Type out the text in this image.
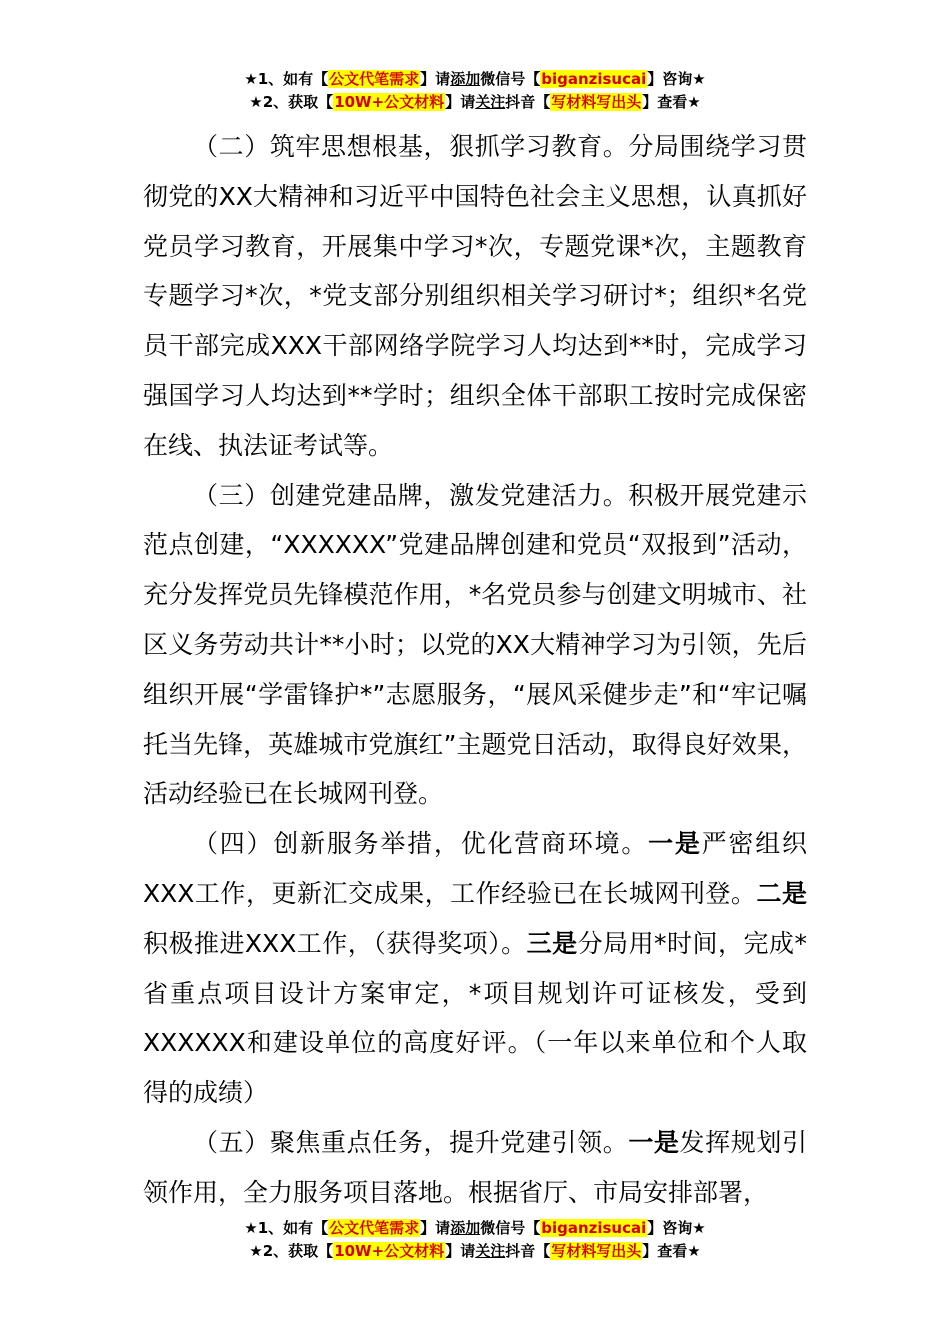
★1、如有【公文代笔需求】请添加微信号【biganzisucai】咨询★
★2、获取【10W+公文材料】请关注抖音【写材料写出头】查看★

（二）筑牢思想根基，狠抓学习教育。分局围绕学习贯彻党的XX大精神和习近平中国特色社会主义思想，认真抓好党员学习教育，开展集中学习*次，专题党课*次，主题教育专题学习*次，*党支部分别组织相关学习研讨*；组织*名党员干部完成XXX干部网络学院学习人均达到**时，完成学习强国学习人均达到**学时；组织全体干部职工按时完成保密在线、执法证考试等。

（三）创建党建品牌，激发党建活力。积极开展党建示范点创建，“XXXXXX”党建品牌创建和党员“双报到”活动，充分发挥党员先锋模范作用，*名党员参与创建文明城市、社区义务劳动共计**小时；以党的XX大精神学习为引领，先后组织开展“学雷锋护*”志愿服务，“展风采健步走”和“牢记嘱托当先锋，英雄城市党旗红”主题党日活动，取得良好效果，活动经验已在长城网刊登。

（四）创新服务举措，优化营商环境。一是严密组织XXX工作，更新汇交成果，工作经验已在长城网刊登。二是积极推进XXX工作，（获得奖项）。三是分局用*时间，完成*省重点项目设计方案审定，*项目规划许可证核发，受到XXXXXX和建设单位的高度好评。（一年以来单位和个人取得的成绩）

（五）聚焦重点任务，提升党建引领。一是发挥规划引领作用，全力服务项目落地。根据省厅、市局安排部署，

★1、如有【公文代笔需求】请添加微信号【biganzisucai】咨询★
★2、获取【10W+公文材料】请关注抖音【写材料写出头】查看★
